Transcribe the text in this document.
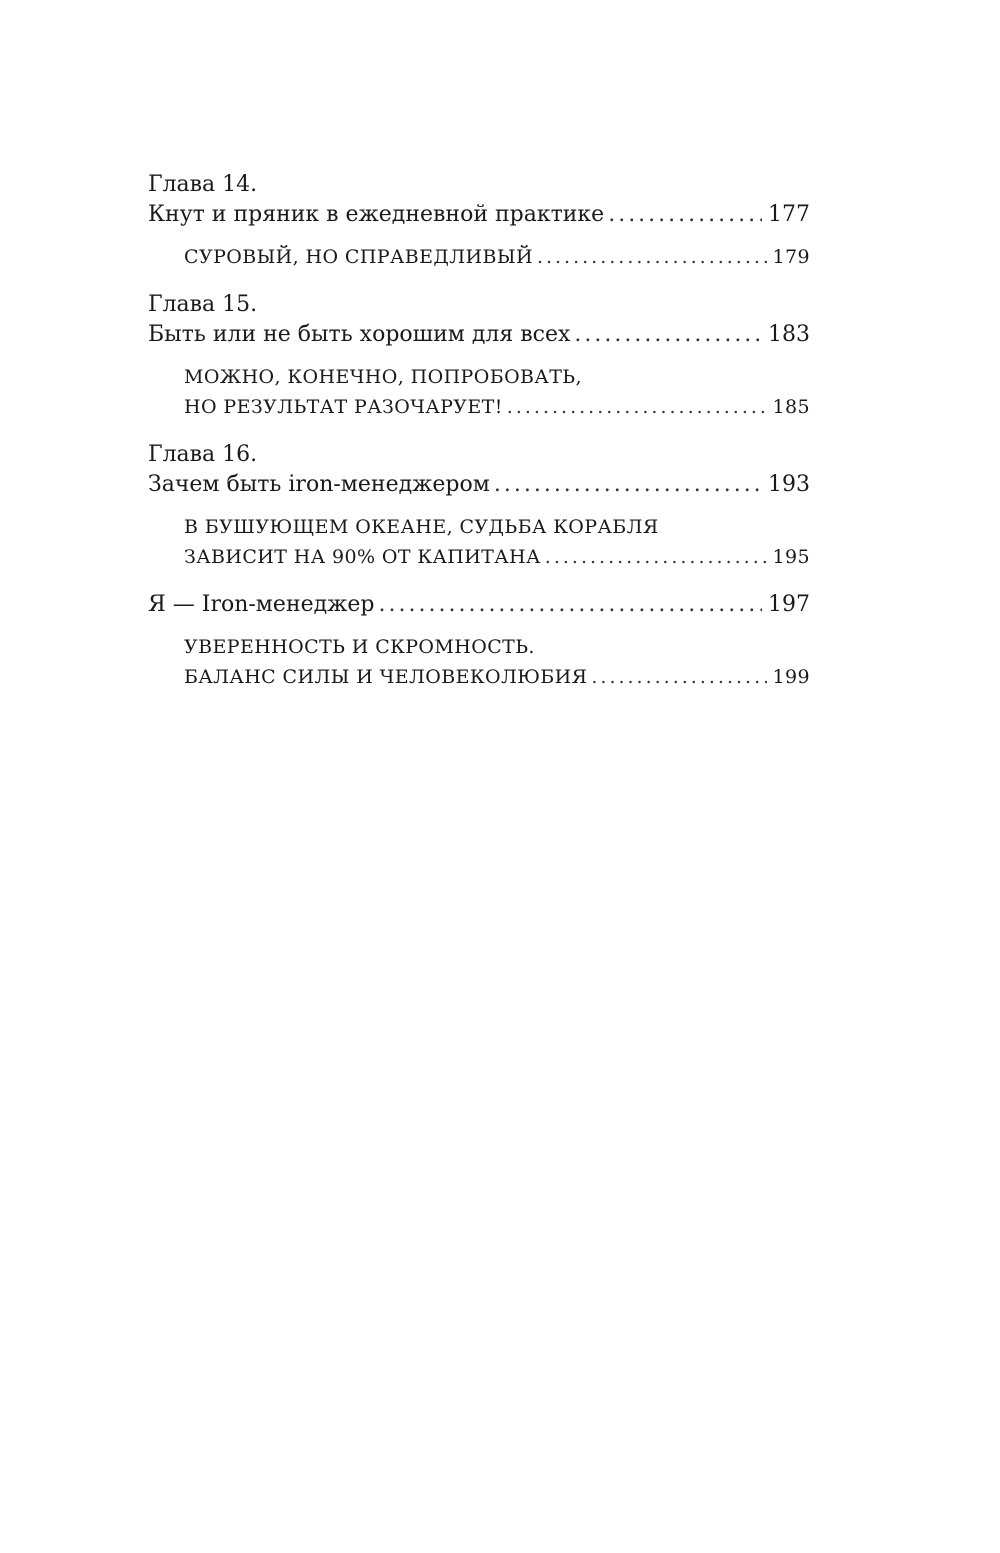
Глава 14.
Кнут и пряник в ежедневной практике .....	177
СУРОВЫЙ, НО СПРАВЕДЛИВЫЙ .....	179
Глава 15.
Быть или не быть хорошим для всех .....	183
МОЖНО, КОНЕЧНО, ПОПРОБОВАТЬ,
НО РЕЗУЛЬТАТ РАЗОЧАРУЕТ! .....	185
Глава 16.
Зачем быть iron-менеджером .....	193
В БУШУЮЩЕМ ОКЕАНЕ, СУДЬБА КОРАБЛЯ
ЗАВИСИТ НА 90% ОТ КАПИТАНА .....	195
Я — Iron-менеджер .....	197
УВЕРЕННОСТЬ И СКРОМНОСТЬ.
БАЛАНС СИЛЫ И ЧЕЛОВЕКОЛЮБИЯ .....	199
